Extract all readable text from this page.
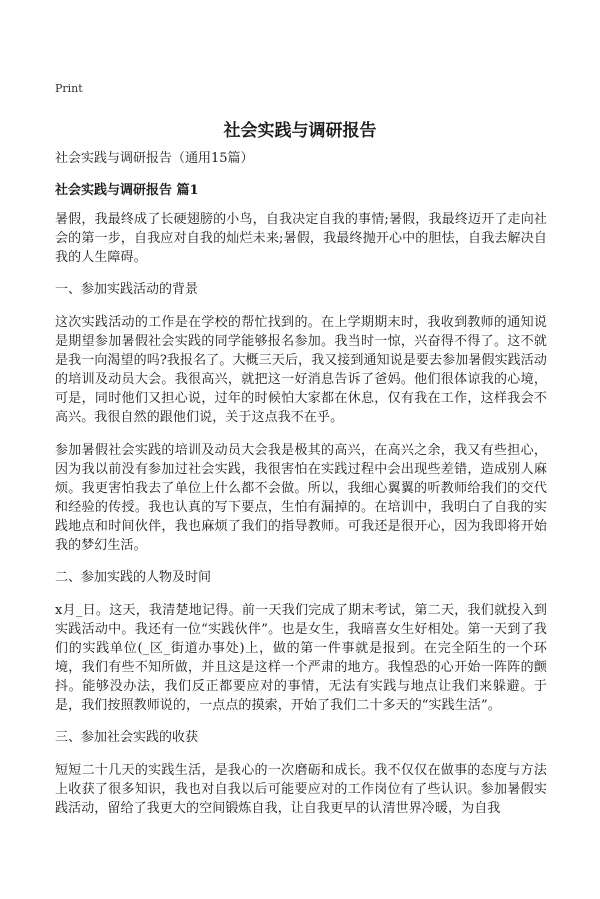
Print
社会实践与调研报告

社会实践与调研报告（通用15篇）

社会实践与调研报告 篇1

暑假，我最终成了长硬翅膀的小鸟，自我决定自我的事情;暑假，我最终迈开了走向社会的第一步，自我应对自我的灿烂未来;暑假，我最终抛开心中的胆怯，自我去解决自我的人生障碍。

一、参加实践活动的背景

这次实践活动的工作是在学校的帮忙找到的。在上学期期末时，我收到教师的通知说是期望参加暑假社会实践的同学能够报名参加。我当时一惊，兴奋得不得了。这不就是我一向渴望的吗?我报名了。大概三天后，我又接到通知说是要去参加暑假实践活动的培训及动员大会。我很高兴，就把这一好消息告诉了爸妈。他们很体谅我的心境，可是，同时他们又担心说，过年的时候怕大家都在休息，仅有我在工作，这样我会不高兴。我很自然的跟他们说，关于这点我不在乎。

参加暑假社会实践的培训及动员大会我是极其的高兴，在高兴之余，我又有些担心，因为我以前没有参加过社会实践，我很害怕在实践过程中会出现些差错，造成别人麻烦。我更害怕我去了单位上什么都不会做。所以，我细心翼翼的听教师给我们的交代和经验的传授。我也认真的写下要点，生怕有漏掉的。在培训中，我明白了自我的实践地点和时间伙伴，我也麻烦了我们的指导教师。可我还是很开心，因为我即将开始我的梦幻生活。

二、参加实践的人物及时间

x月_日。这天，我清楚地记得。前一天我们完成了期末考试，第二天，我们就投入到实践活动中。我还有一位“实践伙伴”。也是女生，我暗喜女生好相处。第一天到了我们的实践单位(_区_街道办事处)上，做的第一件事就是报到。在完全陌生的一个环境，我们有些不知所做，并且这是这样一个严肃的地方。我惶恐的心开始一阵阵的颤抖。能够没办法，我们反正都要应对的事情，无法有实践与地点让我们来躲避。于是，我们按照教师说的，一点点的摸索，开始了我们二十多天的“实践生活”。

三、参加社会实践的收获

短短二十几天的实践生活，是我心的一次磨砺和成长。我不仅仅在做事的态度与方法上收获了很多知识，我也对自我以后可能要应对的工作岗位有了些认识。参加暑假实践活动，留给了我更大的空间锻炼自我，让自我更早的认清世界冷暖，为自我
